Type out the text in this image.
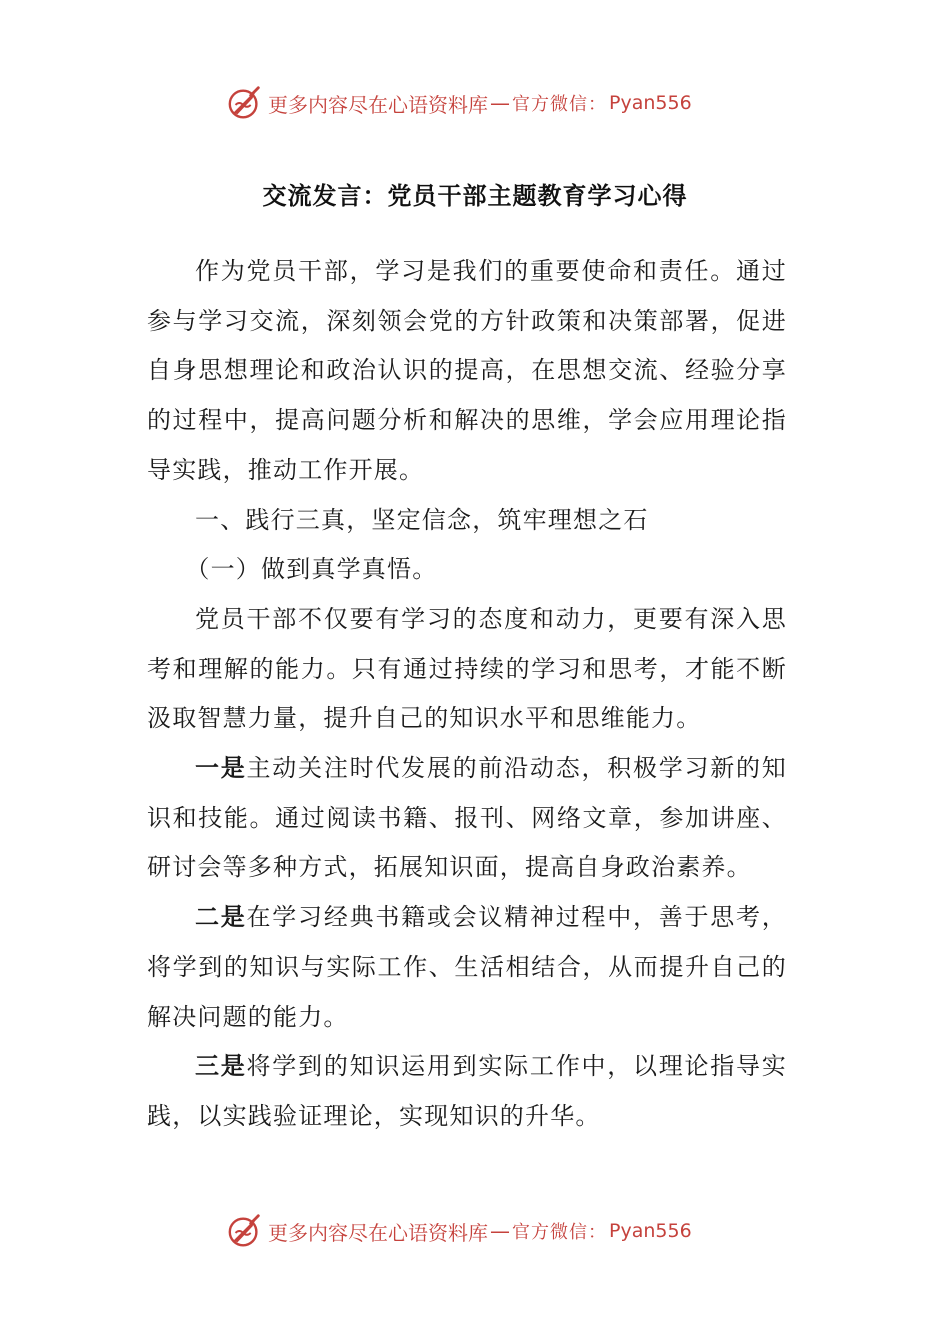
更多内容尽在心语资料库 — 官方微信： Pyan556
交流发言：党员干部主题教育学习心得

作为党员干部，学习是我们的重要使命和责任。通过参与学习交流，深刻领会党的方针政策和决策部署，促进自身思想理论和政治认识的提高，在思想交流、经验分享的过程中，提高问题分析和解决的思维，学会应用理论指导实践，推动工作开展。

一、践行三真，坚定信念，筑牢理想之石

（一）做到真学真悟。

党员干部不仅要有学习的态度和动力，更要有深入思考和理解的能力。只有通过持续的学习和思考，才能不断汲取智慧力量，提升自己的知识水平和思维能力。

一是主动关注时代发展的前沿动态，积极学习新的知识和技能。通过阅读书籍、报刊、网络文章，参加讲座、研讨会等多种方式，拓展知识面，提高自身政治素养。

二是在学习经典书籍或会议精神过程中，善于思考，将学到的知识与实际工作、生活相结合，从而提升自己的解决问题的能力。

三是将学到的知识运用到实际工作中，以理论指导实践，以实践验证理论，实现知识的升华。

更多内容尽在心语资料库 — 官方微信： Pyan556
